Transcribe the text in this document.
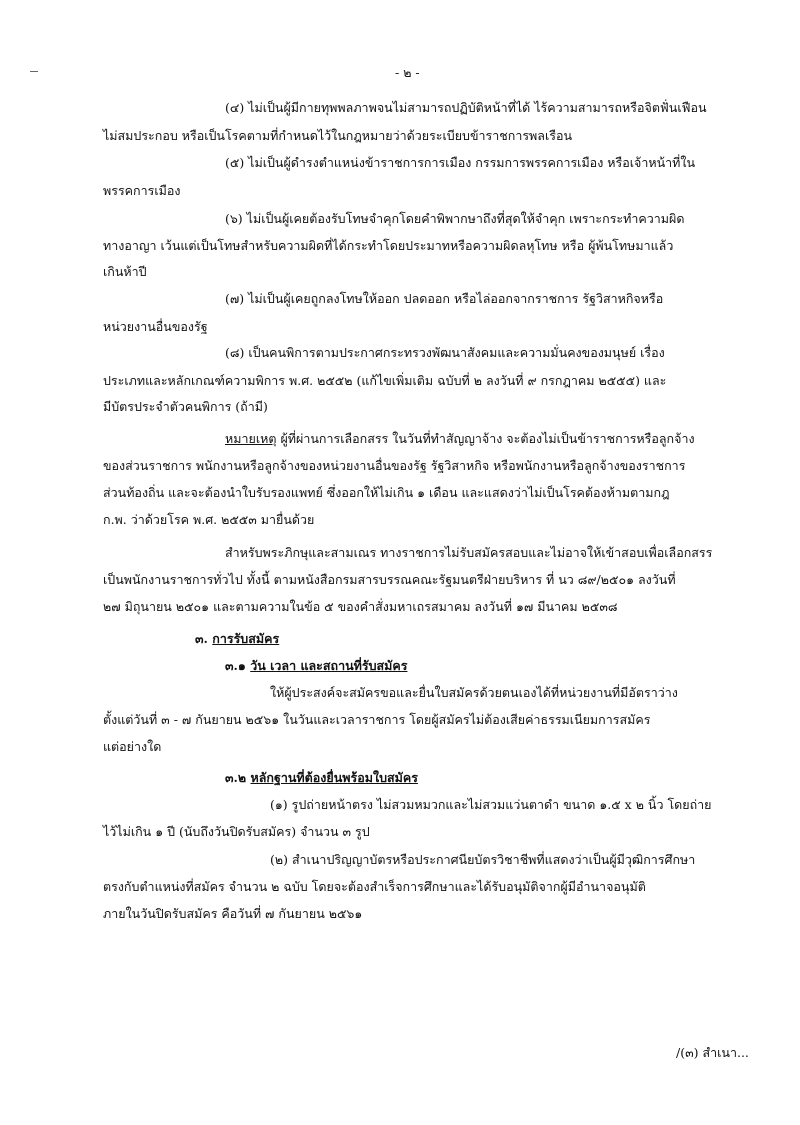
- ๒ -
(๔) ไม่เป็นผู้มีกายทุพพลภาพจนไม่สามารถปฏิบัติหน้าที่ได้ ไร้ความสามารถหรือจิตฟั่นเฟือน
ไม่สมประกอบ หรือเป็นโรคตามที่กำหนดไว้ในกฎหมายว่าด้วยระเบียบข้าราชการพลเรือน
(๕) ไม่เป็นผู้ดำรงตำแหน่งข้าราชการการเมือง กรรมการพรรคการเมือง หรือเจ้าหน้าที่ใน
พรรคการเมือง
(๖) ไม่เป็นผู้เคยต้องรับโทษจำคุกโดยคำพิพากษาถึงที่สุดให้จำคุก เพราะกระทำความผิด
ทางอาญา เว้นแต่เป็นโทษสำหรับความผิดที่ได้กระทำโดยประมาทหรือความผิดลหุโทษ หรือ ผู้พ้นโทษมาแล้ว
เกินห้าปี
(๗) ไม่เป็นผู้เคยถูกลงโทษให้ออก ปลดออก หรือไล่ออกจากราชการ รัฐวิสาหกิจหรือ
หน่วยงานอื่นของรัฐ
(๘) เป็นคนพิการตามประกาศกระทรวงพัฒนาสังคมและความมั่นคงของมนุษย์ เรื่อง
ประเภทและหลักเกณฑ์ความพิการ พ.ศ. ๒๕๕๒ (แก้ไขเพิ่มเติม ฉบับที่ ๒ ลงวันที่ ๙ กรกฎาคม ๒๕๕๕) และ
มีบัตรประจำตัวคนพิการ (ถ้ามี)
หมายเหตุ ผู้ที่ผ่านการเลือกสรร ในวันที่ทำสัญญาจ้าง จะต้องไม่เป็นข้าราชการหรือลูกจ้าง
ของส่วนราชการ พนักงานหรือลูกจ้างของหน่วยงานอื่นของรัฐ รัฐวิสาหกิจ หรือพนักงานหรือลูกจ้างของราชการ
ส่วนท้องถิ่น และจะต้องนำใบรับรองแพทย์ ซึ่งออกให้ไม่เกิน ๑ เดือน และแสดงว่าไม่เป็นโรคต้องห้ามตามกฎ
ก.พ. ว่าด้วยโรค พ.ศ. ๒๕๕๓ มายื่นด้วย
สำหรับพระภิกษุและสามเณร ทางราชการไม่รับสมัครสอบและไม่อาจให้เข้าสอบเพื่อเลือกสรร
เป็นพนักงานราชการทั่วไป ทั้งนี้ ตามหนังสือกรมสารบรรณคณะรัฐมนตรีฝ่ายบริหาร ที่ นว ๘๙/๒๕๐๑ ลงวันที่
๒๗ มิถุนายน ๒๕๐๑ และตามความในข้อ ๕ ของคำสั่งมหาเถรสมาคม ลงวันที่ ๑๗ มีนาคม ๒๕๓๘
๓. การรับสมัคร
๓.๑ วัน เวลา และสถานที่รับสมัคร
ให้ผู้ประสงค์จะสมัครขอและยื่นใบสมัครด้วยตนเองได้ที่หน่วยงานที่มีอัตราว่าง
ตั้งแต่วันที่ ๓ - ๗ กันยายน ๒๕๖๑ ในวันและเวลาราชการ โดยผู้สมัครไม่ต้องเสียค่าธรรมเนียมการสมัคร
แต่อย่างใด
๓.๒ หลักฐานที่ต้องยื่นพร้อมใบสมัคร
(๑) รูปถ่ายหน้าตรง ไม่สวมหมวกและไม่สวมแว่นตาดำ ขนาด ๑.๕ x ๒ นิ้ว โดยถ่าย
ไว้ไม่เกิน ๑ ปี (นับถึงวันปิดรับสมัคร) จำนวน ๓ รูป
(๒) สำเนาปริญญาบัตรหรือประกาศนียบัตรวิชาชีพที่แสดงว่าเป็นผู้มีวุฒิการศึกษา
ตรงกับตำแหน่งที่สมัคร จำนวน ๒ ฉบับ โดยจะต้องสำเร็จการศึกษาและได้รับอนุมัติจากผู้มีอำนาจอนุมัติ
ภายในวันปิดรับสมัคร คือวันที่ ๗ กันยายน ๒๕๖๑
/(๓) สำเนา...
